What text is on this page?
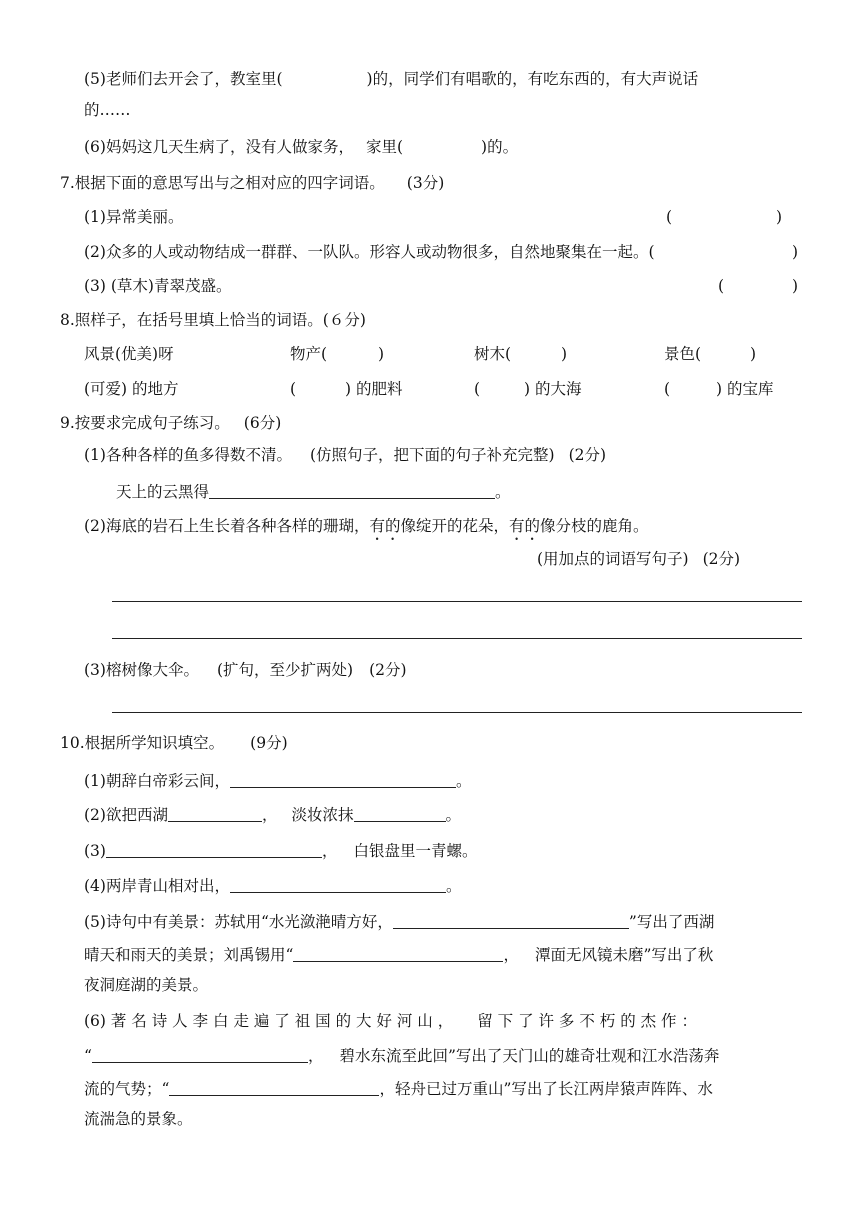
(5)老师们去开会了，教室里(	)的，同学们有唱歌的，有吃东西的，有大声说话
的……
(6)妈妈这几天生病了，没有人做家务， 家里(	)的。
7.根据下面的意思写出与之相对应的四字词语。 (3分)
(1)异常美丽。	(	)
(2)众多的人或动物结成一群群、一队队。形容人或动物很多，自然地聚集在一起。(	)
(3) (草木)青翠茂盛。	(	)
8.照样子，在括号里填上恰当的词语。(６分)
风景(优美)呀	物产(	)	树木(	)	景色(	)
(可爱) 的地方	(	) 的肥料	(	) 的大海	(	) 的宝库
9.按要求完成句子练习。 (6分)
(1)各种各样的鱼多得数不清。 (仿照句子，把下面的句子补充完整) (2分)
天上的云黑得	。
(2)海底的岩石上生长着各种各样的珊瑚，有的像绽开的花朵，有的像分枝的鹿角。
(用加点的词语写句子) (2分)
(3)榕树像大伞。 (扩句，至少扩两处) (2分)
10.根据所学知识填空。 (9分)
(1)朝辞白帝彩云间，	。
(2)欲把西湖	， 淡妆浓抹	。
(3)	， 白银盘里一青螺。
(4)两岸青山相对出，	。
(5)诗句中有美景：苏轼用“水光潋滟晴方好，	”写出了西湖
晴天和雨天的美景；刘禹锡用“	， 潭面无风镜未磨”写出了秋
夜洞庭湖的美景。
(6) 著 名 诗 人 李 白 走 遍 了 祖 国 的 大 好 河 山 ， 留 下 了 许 多 不 朽 的 杰 作 ：
“	， 碧水东流至此回”写出了天门山的雄奇壮观和江水浩荡奔
流的气势；“	，轻舟已过万重山”写出了长江两岸猿声阵阵、水
流湍急的景象。
